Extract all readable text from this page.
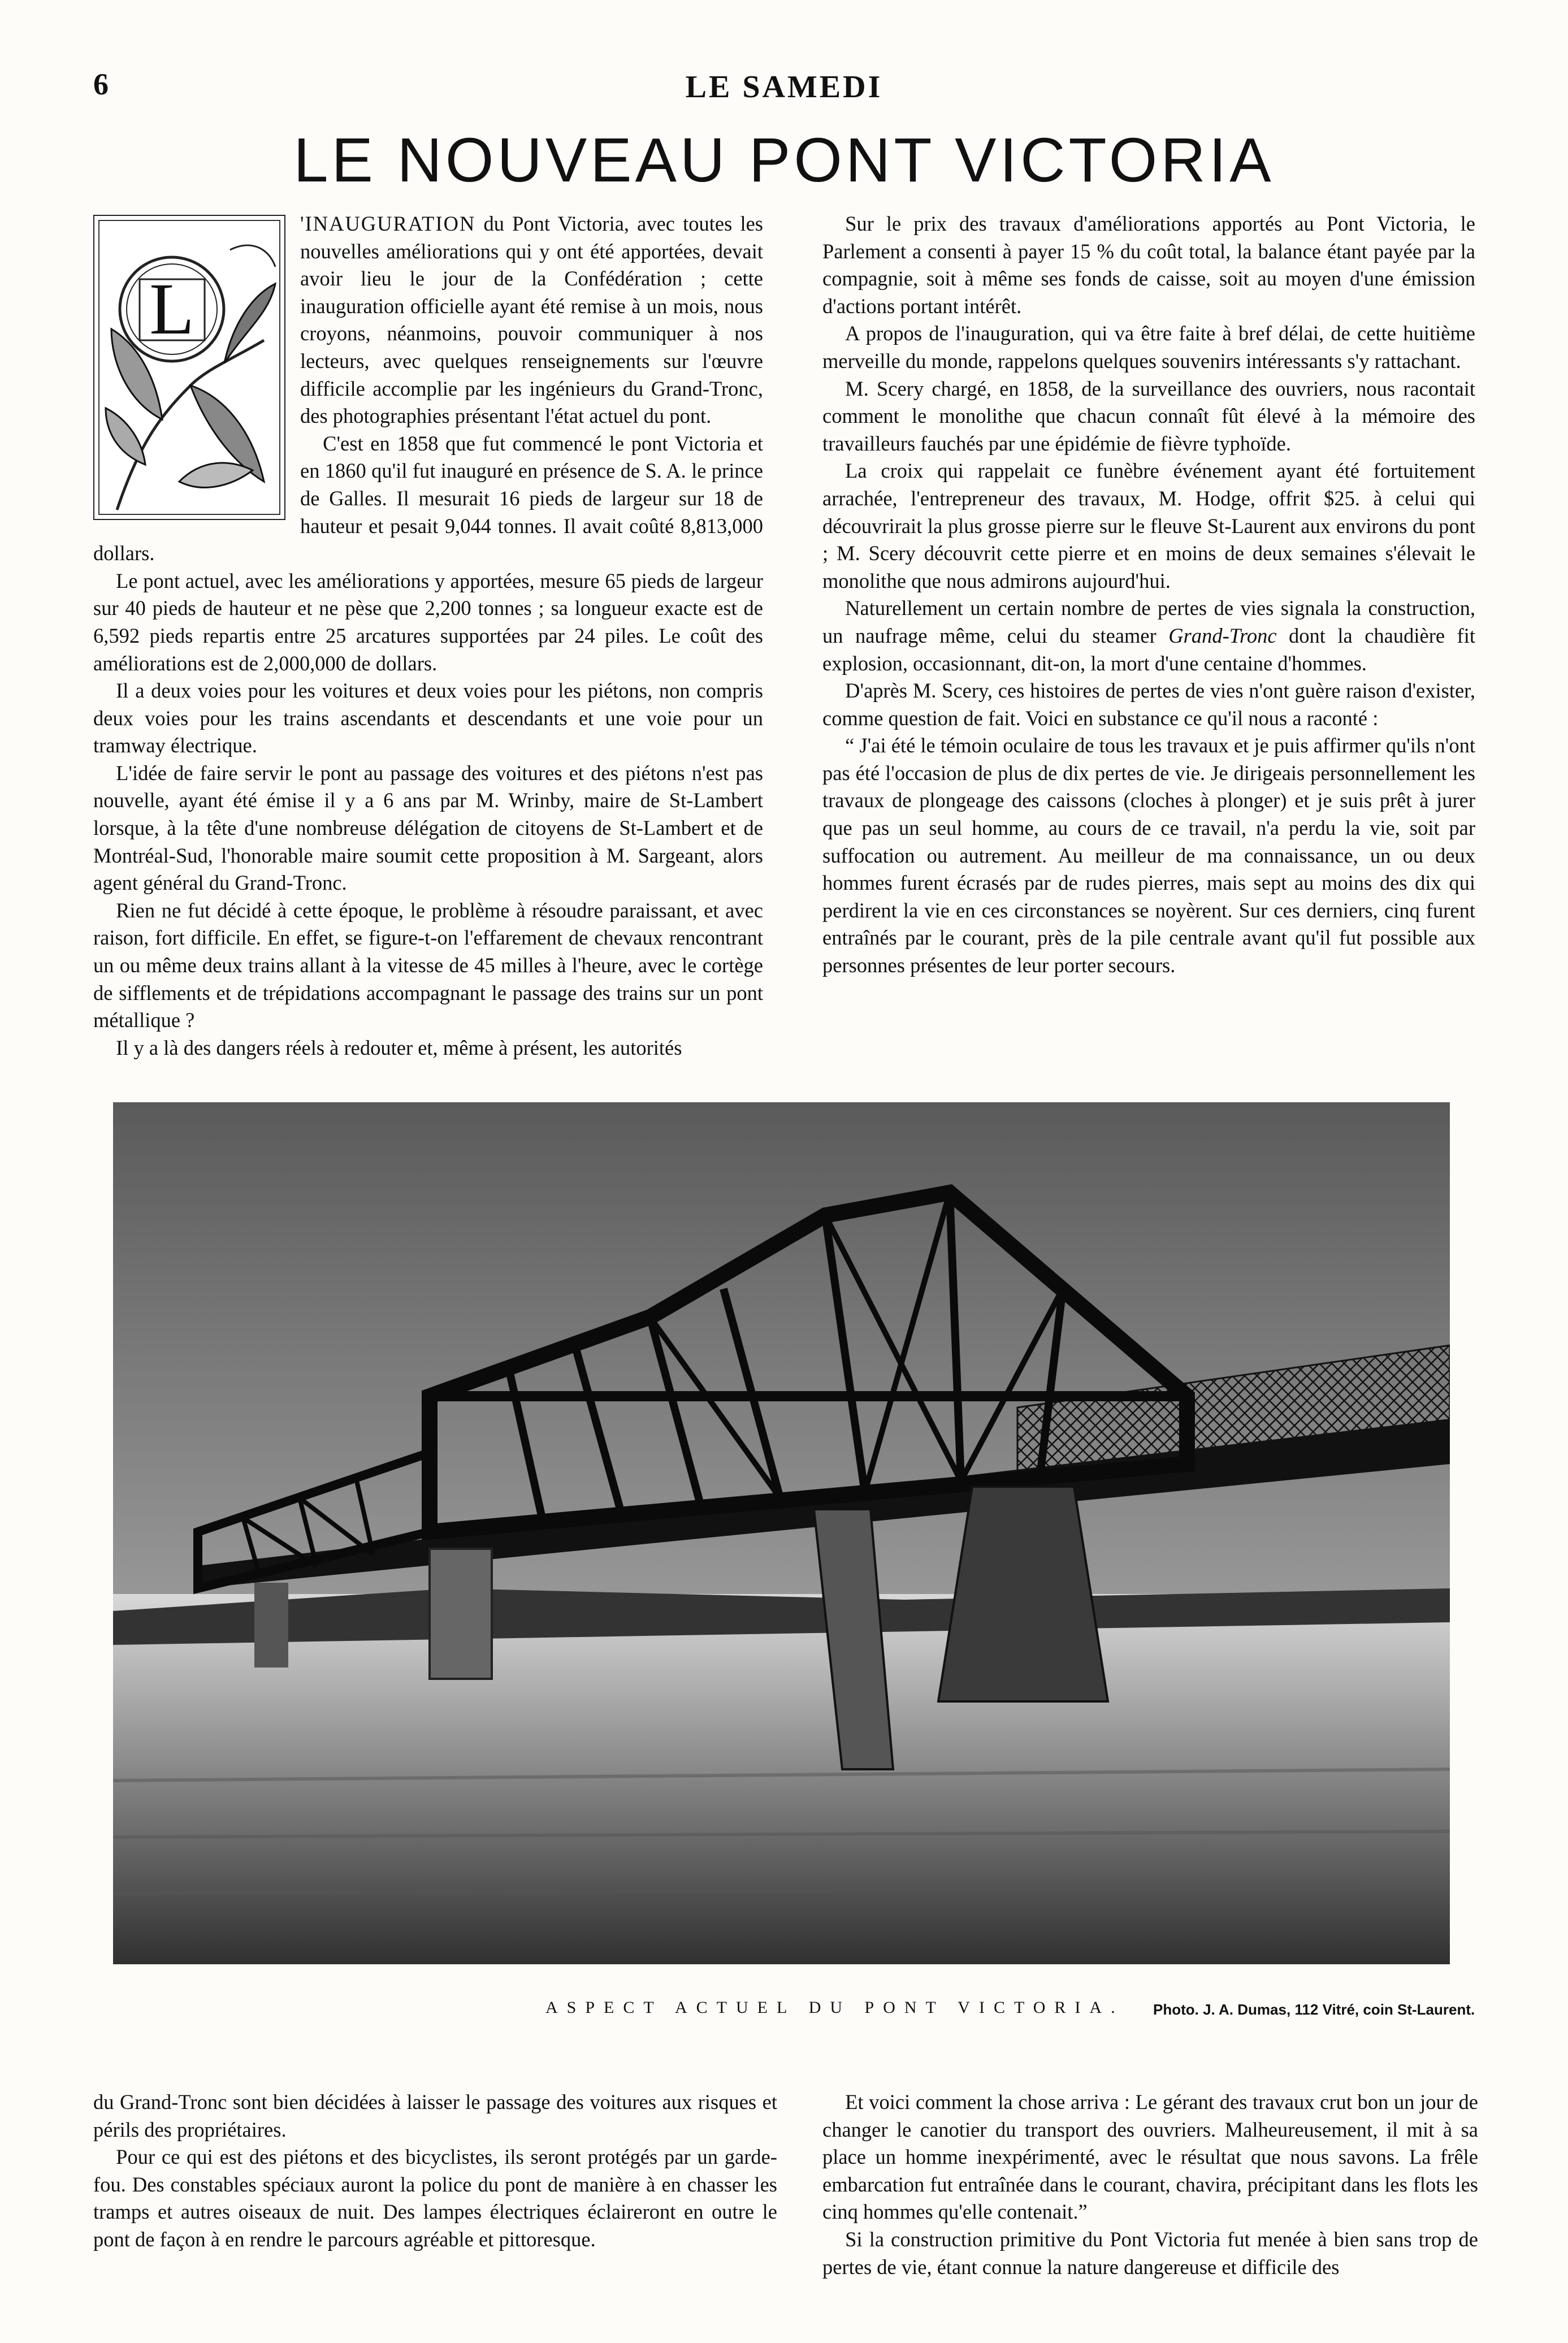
6	LE SAMEDI
LE NOUVEAU PONT VICTORIA
L

'INAUGURATION du Pont Victoria, avec toutes les nouvelles améliorations qui y ont été apportées, devait avoir lieu le jour de la Confédération ; cette inauguration officielle ayant été remise à un mois, nous croyons, néanmoins, pouvoir communiquer à nos lecteurs, avec quelques renseignements sur l'œuvre difficile accomplie par les ingénieurs du Grand-Tronc, des photographies présentant l'état actuel du pont.

C'est en 1858 que fut commencé le pont Victoria et en 1860 qu'il fut inauguré en présence de S. A. le prince de Galles. Il mesurait 16 pieds de largeur sur 18 de hauteur et pesait 9,044 tonnes. Il avait coûté 8,813,000 dollars.

Le pont actuel, avec les améliorations y apportées, mesure 65 pieds de largeur sur 40 pieds de hauteur et ne pèse que 2,200 tonnes ; sa longueur exacte est de 6,592 pieds repartis entre 25 arcatures supportées par 24 piles. Le coût des améliorations est de 2,000,000 de dollars.

Il a deux voies pour les voitures et deux voies pour les piétons, non compris deux voies pour les trains ascendants et descendants et une voie pour un tramway électrique.

L'idée de faire servir le pont au passage des voitures et des piétons n'est pas nouvelle, ayant été émise il y a 6 ans par M. Wrinby, maire de St-Lambert lorsque, à la tête d'une nombreuse délégation de citoyens de St-Lambert et de Montréal-Sud, l'honorable maire soumit cette proposition à M. Sargeant, alors agent général du Grand-Tronc.

Rien ne fut décidé à cette époque, le problème à résoudre paraissant, et avec raison, fort difficile. En effet, se figure-t-on l'effarement de chevaux rencontrant un ou même deux trains allant à la vitesse de 45 milles à l'heure, avec le cortège de sifflements et de trépidations accompagnant le passage des trains sur un pont métallique ?

Il y a là des dangers réels à redouter et, même à présent, les autorités

Sur le prix des travaux d'améliorations apportés au Pont Victoria, le Parlement a consenti à payer 15 % du coût total, la balance étant payée par la compagnie, soit à même ses fonds de caisse, soit au moyen d'une émission d'actions portant intérêt.

A propos de l'inauguration, qui va être faite à bref délai, de cette huitième merveille du monde, rappelons quelques souvenirs intéressants s'y rattachant.

M. Scery chargé, en 1858, de la surveillance des ouvriers, nous racontait comment le monolithe que chacun connaît fût élevé à la mémoire des travailleurs fauchés par une épidémie de fièvre typhoïde.

La croix qui rappelait ce funèbre événement ayant été fortuitement arrachée, l'entrepreneur des travaux, M. Hodge, offrit $25. à celui qui découvrirait la plus grosse pierre sur le fleuve St-Laurent aux environs du pont ; M. Scery découvrit cette pierre et en moins de deux semaines s'élevait le monolithe que nous admirons aujourd'hui.

Naturellement un certain nombre de pertes de vies signala la construction, un naufrage même, celui du steamer Grand-Tronc dont la chaudière fit explosion, occasionnant, dit-on, la mort d'une centaine d'hommes.

D'après M. Scery, ces histoires de pertes de vies n'ont guère raison d'exister, comme question de fait. Voici en substance ce qu'il nous a raconté :

“ J'ai été le témoin oculaire de tous les travaux et je puis affirmer qu'ils n'ont pas été l'occasion de plus de dix pertes de vie. Je dirigeais personnellement les travaux de plongeage des caissons (cloches à plonger) et je suis prêt à jurer que pas un seul homme, au cours de ce travail, n'a perdu la vie, soit par suffocation ou autrement. Au meilleur de ma connaissance, un ou deux hommes furent écrasés par de rudes pierres, mais sept au moins des dix qui perdirent la vie en ces circonstances se noyèrent. Sur ces derniers, cinq furent entraînés par le courant, près de la pile centrale avant qu'il fut possible aux personnes présentes de leur porter secours.

ASPECT ACTUEL DU PONT VICTORIA. Photo. J. A. Dumas, 112 Vitré, coin St-Laurent.

du Grand-Tronc sont bien décidées à laisser le passage des voitures aux risques et périls des propriétaires.

Pour ce qui est des piétons et des bicyclistes, ils seront protégés par un garde-fou. Des constables spéciaux auront la police du pont de manière à en chasser les tramps et autres oiseaux de nuit. Des lampes électriques éclaireront en outre le pont de façon à en rendre le parcours agréable et pittoresque.

Et voici comment la chose arriva : Le gérant des travaux crut bon un jour de changer le canotier du transport des ouvriers. Malheureusement, il mit à sa place un homme inexpérimenté, avec le résultat que nous savons. La frêle embarcation fut entraînée dans le courant, chavira, précipitant dans les flots les cinq hommes qu'elle contenait.”

Si la construction primitive du Pont Victoria fut menée à bien sans trop de pertes de vie, étant connue la nature dangereuse et difficile des
